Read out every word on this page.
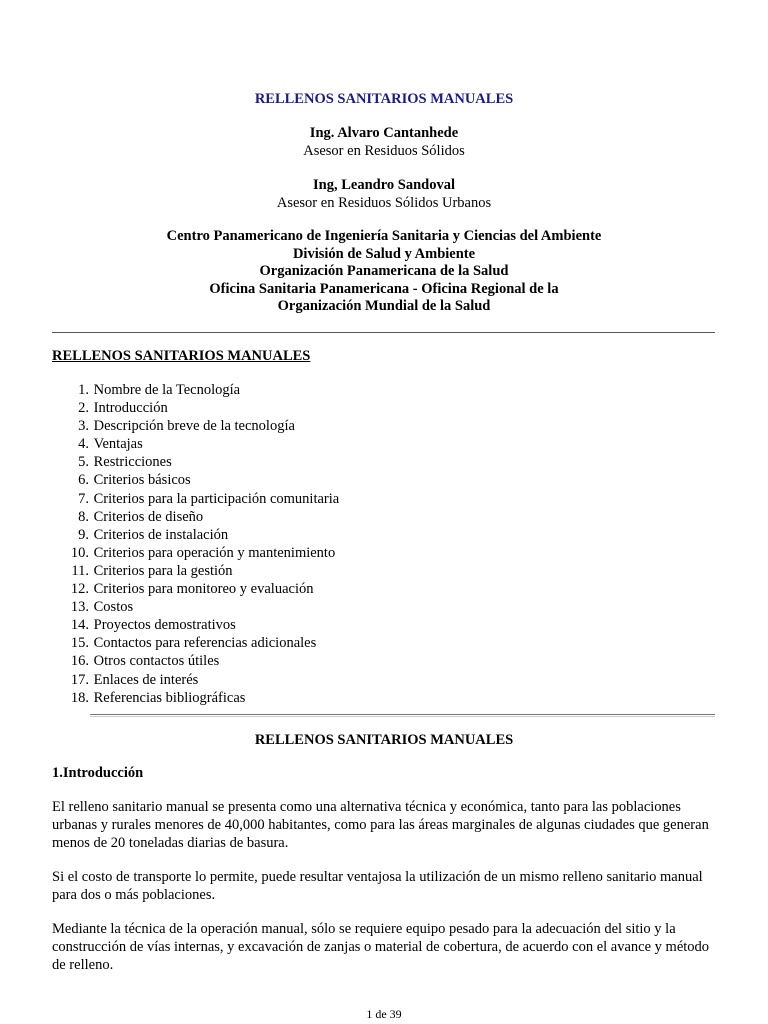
RELLENOS SANITARIOS MANUALES
Ing. Alvaro Cantanhede
Asesor en Residuos Sólidos
Ing, Leandro Sandoval
Asesor en Residuos Sólidos Urbanos
Centro Panamericano de Ingeniería Sanitaria y Ciencias del Ambiente
División de Salud y Ambiente
Organización Panamericana de la Salud
Oficina Sanitaria Panamericana - Oficina Regional de la
Organización Mundial de la Salud
RELLENOS SANITARIOS MANUALES
1.
Nombre de la Tecnología
2.
Introducción
3.
Descripción breve de la tecnología
4.
Ventajas
5.
Restricciones
6.
Criterios básicos
7.
Criterios para la participación comunitaria
8.
Criterios de diseño
9.
Criterios de instalación
10.
Criterios para operación y mantenimiento
11.
Criterios para la gestión
12.
Criterios para monitoreo y evaluación
13.
Costos
14.
Proyectos demostrativos
15.
Contactos para referencias adicionales
16.
Otros contactos útiles
17.
Enlaces de interés
18.
Referencias bibliográficas
RELLENOS SANITARIOS MANUALES
1.Introducción

El relleno sanitario manual se presenta como una alternativa técnica y económica, tanto para las poblaciones urbanas y rurales menores de 40,000 habitantes, como para las áreas marginales de algunas ciudades que generan menos de 20 toneladas diarias de basura.

Si el costo de transporte lo permite, puede resultar ventajosa la utilización de un mismo relleno sanitario manual para dos o más poblaciones.

Mediante la técnica de la operación manual, sólo se requiere equipo pesado para la adecuación del sitio y la construcción de vías internas, y excavación de zanjas o material de cobertura, de acuerdo con el avance y método de relleno.

1 de 39
